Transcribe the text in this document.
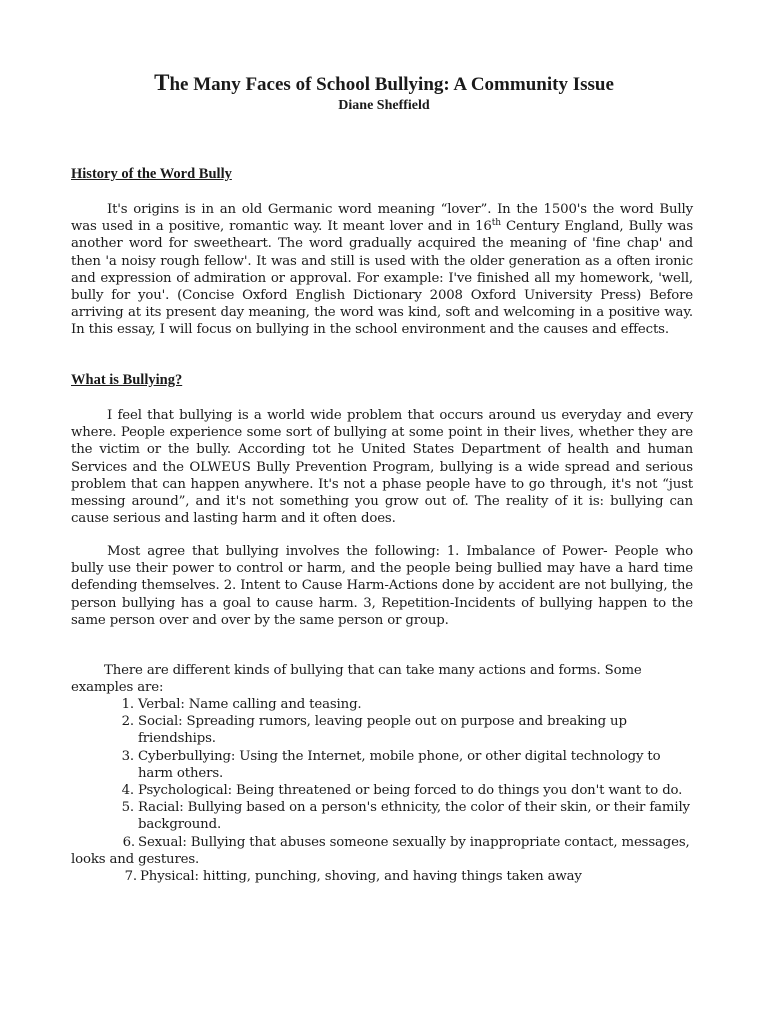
The Many Faces of School Bullying: A Community Issue
Diane Sheffield
History of the Word Bully

It's origins is in an old Germanic word meaning “lover”. In the 1500's the word Bully was used in a positive, romantic way. It meant lover and in 16th Century England, Bully was another word for sweetheart. The word gradually acquired the meaning of 'fine chap' and then 'a noisy rough fellow'. It was and still is used with the older generation as a often ironic and expression of admiration or approval. For example: I've finished all my homework, 'well, bully for you'. (Concise Oxford English Dictionary 2008 Oxford University Press) Before arriving at its present day meaning, the word was kind, soft and welcoming in a positive way. In this essay, I will focus on bullying in the school environment and the causes and effects.

What is Bullying?

I feel that bullying is a world wide problem that occurs around us everyday and every where. People experience some sort of bullying at some point in their lives, whether they are the victim or the bully. According tot he United States Department of health and human Services and the OLWEUS Bully Prevention Program, bullying is a wide spread and serious problem that can happen anywhere. It's not a phase people have to go through, it's not “just messing around”, and it's not something you grow out of. The reality of it is: bullying can cause serious and lasting harm and it often does.

Most agree that bullying involves the following: 1. Imbalance of Power- People who bully use their power to control or harm, and the people being bullied may have a hard time defending themselves. 2. Intent to Cause Harm-Actions done by accident are not bullying, the person bullying has a goal to cause harm. 3, Repetition-Incidents of bullying happen to the same person over and over by the same person or group.

There are different kinds of bullying that can take many actions and forms. Some examples are:

1. Verbal: Name calling and teasing.
2. Social: Spreading rumors, leaving people out on purpose and breaking up friendships.
3. Cyberbullying: Using the Internet, mobile phone, or other digital technology to harm others.
4. Psychological: Being threatened or being forced to do things you don't want to do.
5. Racial: Bullying based on a person's ethnicity, the color of their skin, or their family background.
6. Sexual: Bullying that abuses someone sexually by inappropriate contact, messages, looks and gestures.
7. Physical: hitting, punching, shoving, and having things taken away
